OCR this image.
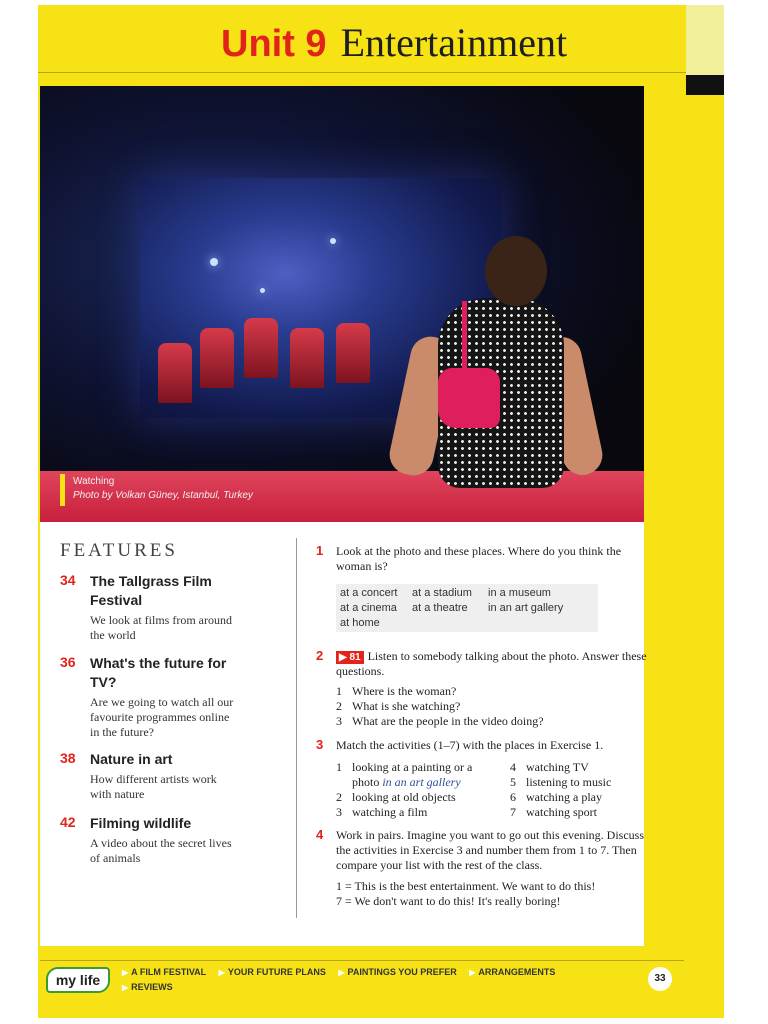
Unit 9 Entertainment
Watching
Photo by Volkan Güney, Istanbul, Turkey
FEATURES
34 The Tallgrass Film Festival
We look at films from around the world
36 What's the future for TV?
Are we going to watch all our favourite programmes online in the future?
38 Nature in art
How different artists work with nature
42 Filming wildlife
A video about the secret lives of animals
1 Look at the photo and these places. Where do you think the woman is?
at a concert at a stadium in a museum
at a cinema at a theatre in an art gallery
at home
2	▶ 81 Listen to somebody talking about the photo. Answer these questions.
1 Where is the woman?
2 What is she watching?
3 What are the people in the video doing?
3 Match the activities (1–7) with the places in Exercise 1.
1 looking at a painting or a
photo in an art gallery
2 looking at old objects
3 watching a film
4 watching TV
5 listening to music
6 watching a play
7 watching sport
4 Work in pairs. Imagine you want to go out this evening. Discuss the activities in Exercise 3 and number them from 1 to 7. Then compare your list with the rest of the class.
1 = This is the best entertainment. We want to do this!
7 = We don't want to do this! It's really boring!
my life	▶ A FILM FESTIVAL ▶ YOUR FUTURE PLANS ▶ PAINTINGS YOU PREFER ▶ ARRANGEMENTS
▶ REVIEWS
33
